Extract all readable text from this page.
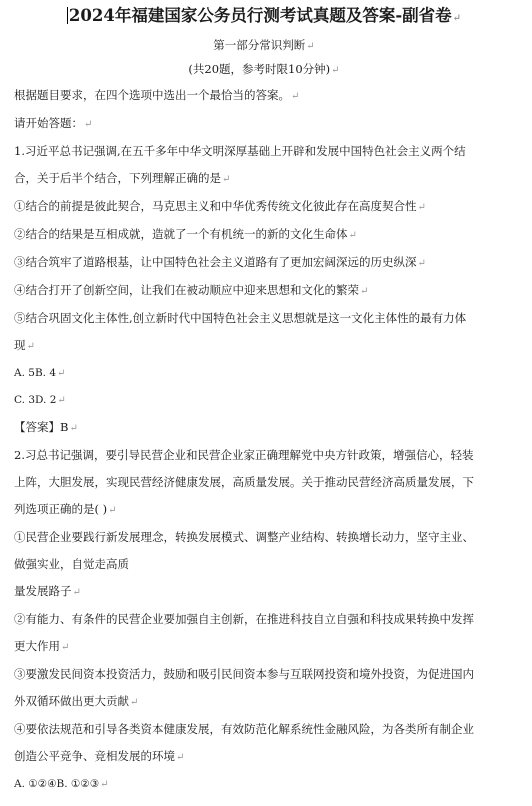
2024年福建国家公务员行测考试真题及答案-副省卷↵
第一部分常识判断↵
(共20题，参考时限10分钟)↵

根据题目要求，在四个选项中选出一个最恰当的答案。↵

请开始答题：↵

1.习近平总书记强调,在五千多年中华文明深厚基础上开辟和发展中国特色社会主义两个结

合，关于后半个结合，下列理解正确的是↵

①结合的前提是彼此契合，马克思主义和中华优秀传统文化彼此存在高度契合性↵

②结合的结果是互相成就，造就了一个有机统一的新的文化生命体↵

③结合筑牢了道路根基，让中国特色社会主义道路有了更加宏阔深远的历史纵深↵

④结合打开了创新空间，让我们在被动顺应中迎来思想和文化的繁荣↵

⑤结合巩固文化主体性,创立新时代中国特色社会主义思想就是这一文化主体性的最有力体

现↵

A. 5B. 4↵

C. 3D. 2↵

【答案】B↵

2.习总书记强调，要引导民营企业和民营企业家正确理解党中央方针政策，增强信心，轻装

上阵，大胆发展，实现民营经济健康发展，高质量发展。关于推动民营经济高质量发展，下

列选项正确的是( )↵

①民营企业要践行新发展理念，转换发展模式、调整产业结构、转换增长动力，坚守主业、

做强实业，自觉走高质

量发展路子↵

②有能力、有条件的民营企业要加强自主创新，在推进科技自立自强和科技成果转换中发挥

更大作用↵

③要激发民间资本投资活力，鼓励和吸引民间资本参与互联网投资和境外投资，为促进国内

外双循环做出更大贡献↵

④要依法规范和引导各类资本健康发展，有效防范化解系统性金融风险，为各类所有制企业

创造公平竞争、竞相发展的环境↵

A. ①②④B. ①②③↵
